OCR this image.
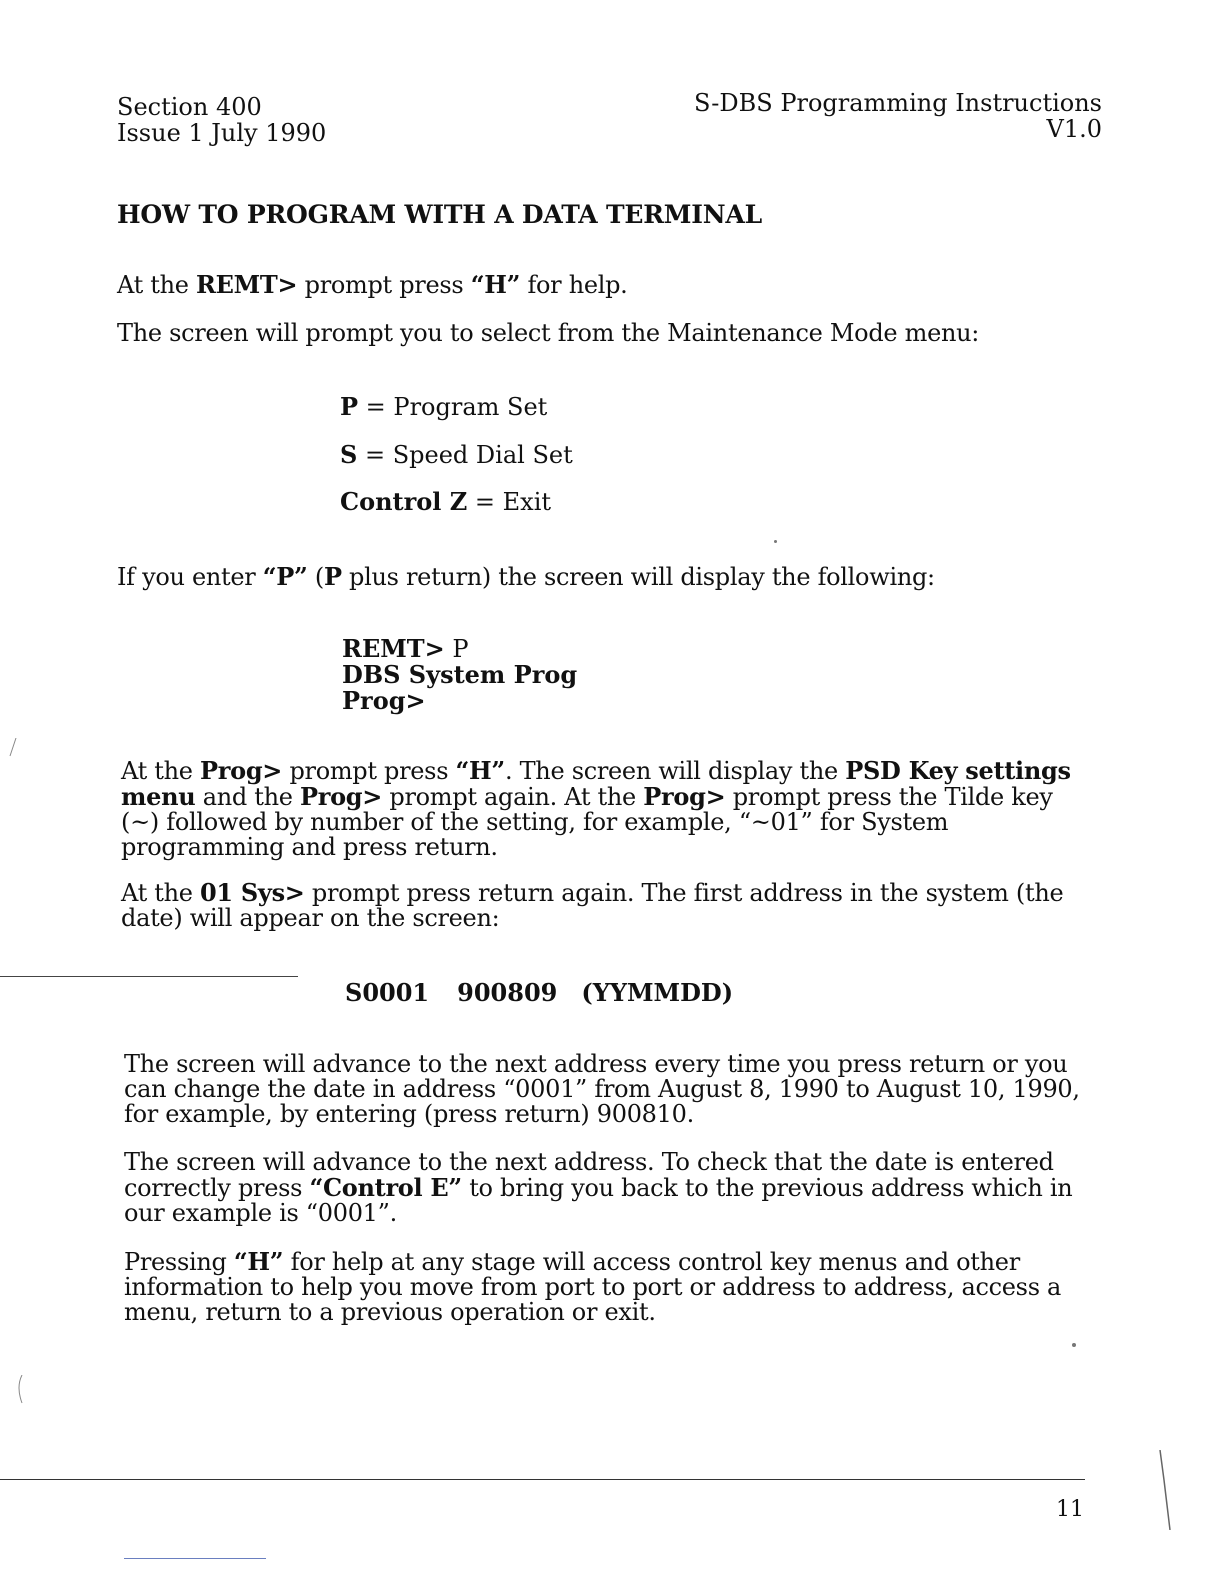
Section 400
Issue 1 July 1990
S-DBS Programming Instructions
V1.0
HOW TO PROGRAM WITH A DATA TERMINAL
At the REMT> prompt press “H” for help.
The screen will prompt you to select from the Maintenance Mode menu:
P = Program Set
S = Speed Dial Set
Control Z = Exit
If you enter “P” (P plus return) the screen will display the following:
REMT> P
DBS System Prog
Prog>
At the Prog> prompt press “H”. The screen will display the PSD Key settings menu and the Prog> prompt again. At the Prog> prompt press the Tilde key (~) followed by number of the setting, for example, “~01” for System programming and press return.
At the 01 Sys> prompt press return again. The first address in the system (the date) will appear on the screen:
S0001 900809 (YYMMDD)
The screen will advance to the next address every time you press return or you can change the date in address “0001” from August 8, 1990 to August 10, 1990, for example, by entering (press return) 900810.
The screen will advance to the next address. To check that the date is entered correctly press “Control E” to bring you back to the previous address which in our example is “0001”.
Pressing “H” for help at any stage will access control key menus and other information to help you move from port to port or address to address, access a menu, return to a previous operation or exit.
11
